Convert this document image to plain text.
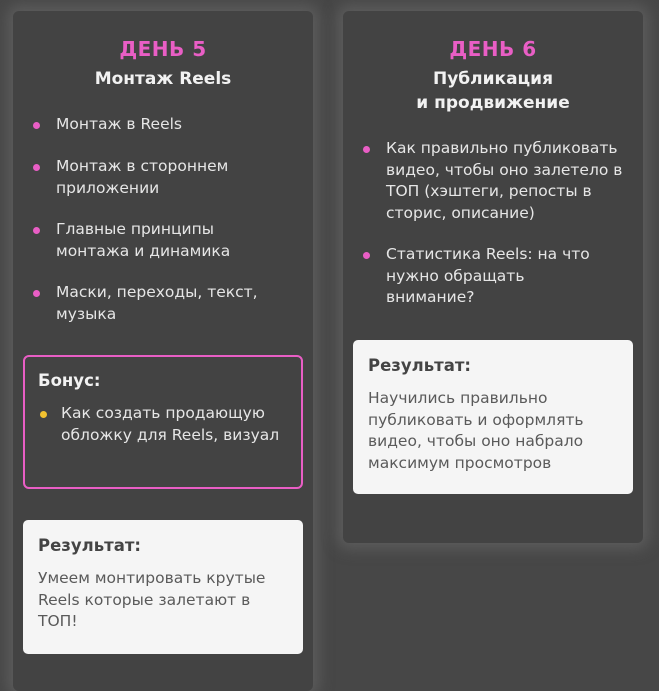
ДЕНЬ 5
Монтаж Reels
Монтаж в Reels
Монтаж в стороннем приложении
Главные принципы монтажа и динамика
Маски, переходы, текст, музыка
Бонус:
Как создать продающую обложку для Reels, визуал
Результат:
Умеем монтировать крутые Reels которые залетают в ТОП!
ДЕНЬ 6
Публикация
и продвижение
Как правильно публиковать видео, чтобы оно залетело в ТОП (хэштеги, репосты в сторис, описание)
Статистика Reels: на что нужно обращать внимание?
Результат:
Научились правильно публиковать и оформлять видео, чтобы оно набрало максимум просмотров
